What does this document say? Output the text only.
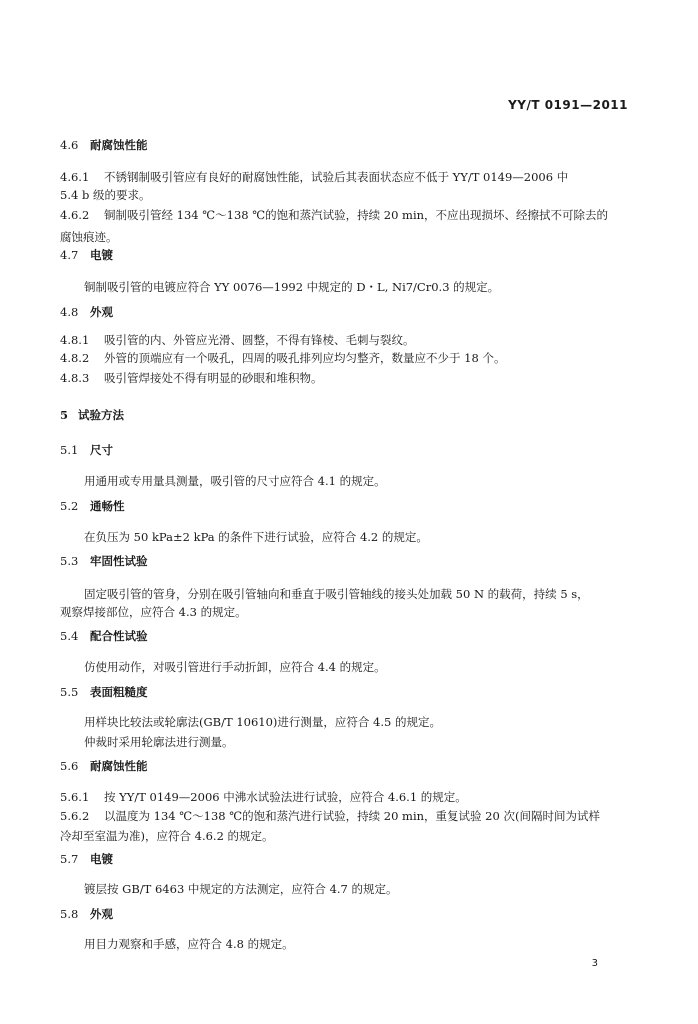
YY/T 0191—2011
4.6 耐腐蚀性能
4.6.1 不锈钢制吸引管应有良好的耐腐蚀性能，试验后其表面状态应不低于 YY/T 0149—2006 中
5.4 b 级的要求。
4.6.2 铜制吸引管经 134 ℃～138 ℃的饱和蒸汽试验，持续 20 min，不应出现损坏、经擦拭不可除去的
腐蚀痕迹。
4.7 电镀
铜制吸引管的电镀应符合 YY 0076—1992 中规定的 D・L, Ni7/Cr0.3 的规定。
4.8 外观
4.8.1 吸引管的内、外管应光滑、圆整，不得有锋棱、毛刺与裂纹。
4.8.2 外管的顶端应有一个吸孔，四周的吸孔排列应均匀整齐，数量应不少于 18 个。
4.8.3 吸引管焊接处不得有明显的砂眼和堆积物。
5 试验方法
5.1 尺寸
用通用或专用量具测量，吸引管的尺寸应符合 4.1 的规定。
5.2 通畅性
在负压为 50 kPa±2 kPa 的条件下进行试验，应符合 4.2 的规定。
5.3 牢固性试验
固定吸引管的管身，分别在吸引管轴向和垂直于吸引管轴线的接头处加载 50 N 的载荷，持续 5 s，
观察焊接部位，应符合 4.3 的规定。
5.4 配合性试验
仿使用动作，对吸引管进行手动折卸，应符合 4.4 的规定。
5.5 表面粗糙度
用样块比较法或轮廓法(GB/T 10610)进行测量，应符合 4.5 的规定。
仲裁时采用轮廓法进行测量。
5.6 耐腐蚀性能
5.6.1 按 YY/T 0149—2006 中沸水试验法进行试验，应符合 4.6.1 的规定。
5.6.2 以温度为 134 ℃～138 ℃的饱和蒸汽进行试验，持续 20 min，重复试验 20 次(间隔时间为试样
冷却至室温为准)，应符合 4.6.2 的规定。
5.7 电镀
镀层按 GB/T 6463 中规定的方法测定，应符合 4.7 的规定。
5.8 外观
用目力观察和手感，应符合 4.8 的规定。
3
